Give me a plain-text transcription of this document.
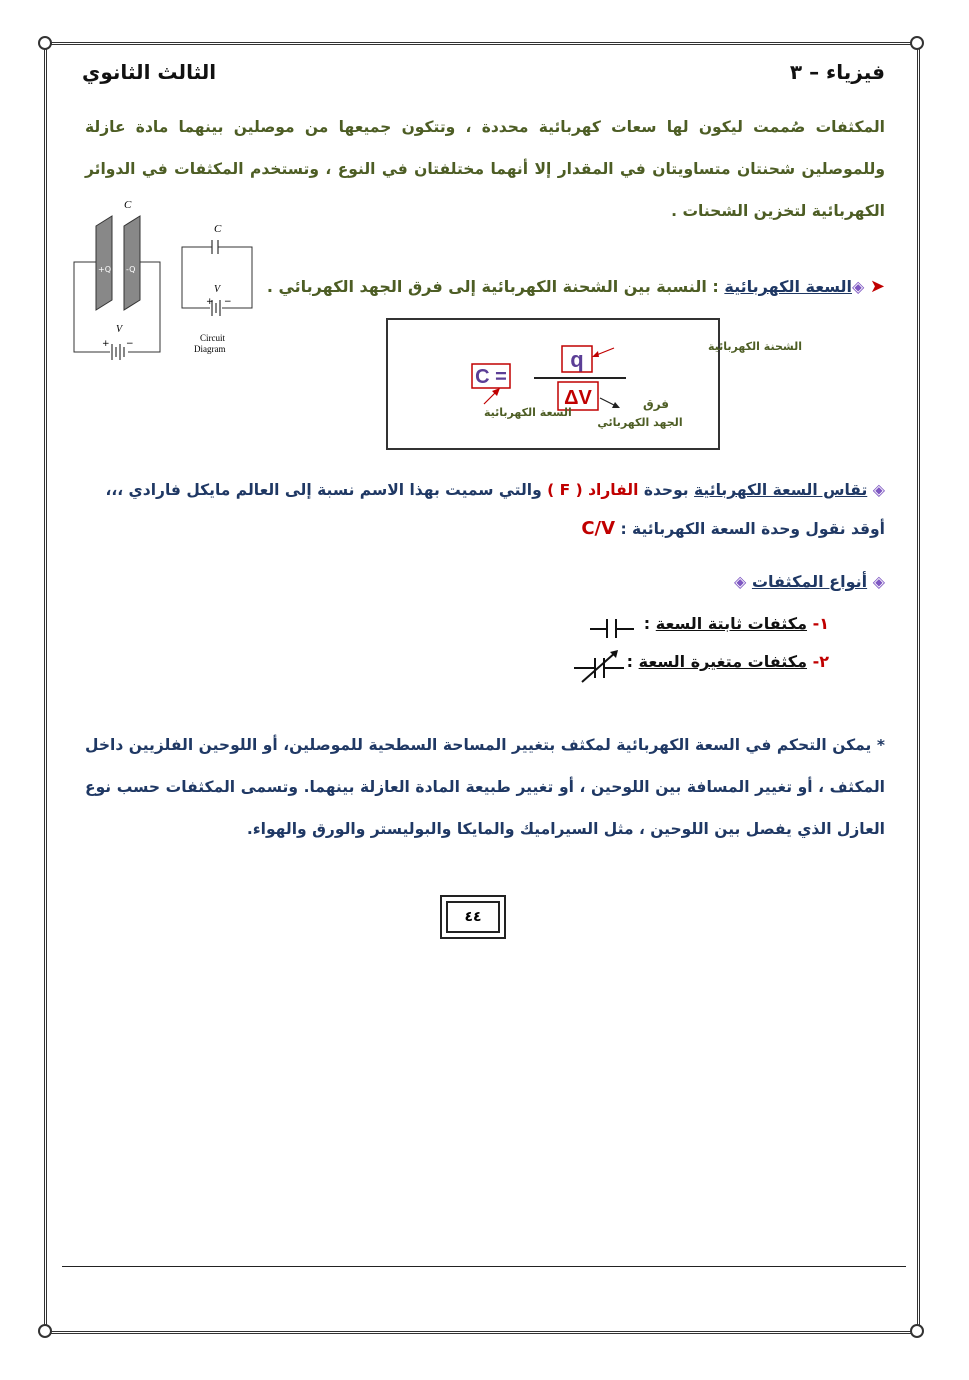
فيزياء – ٣
الثالث الثانوي
المكثفات صُممت ليكون لها سعات كهربائية محددة ، وتتكون جميعها من موصلين بينهما مادة عازلة وللموصلين شحنتان متساويتان في المقدار إلا أنهما مختلفتان في النوع ، وتستخدم المكثفات في الدوائر الكهربائية لتخزين الشحنات .
C
+Q -Q
V
+ −
C
V
+ −
Circuit
Diagram
➤ ◈السعة الكهربائية : النسبة بين الشحنة الكهربائية إلى فرق الجهد الكهربائي .
C =
q
ΔV
الشحنة الكهربائية
السعة الكهربائية
فرق
الجهد الكهربائي
◈ تقاس السعة الكهربائية بوحدة الفاراد ( F ) والتي سميت بهذا الاسم نسبة إلى العالم مايكل فارادي ،،،
أوقد نقول وحدة السعة الكهربائية : C/V
◈ أنواع المكثفات ◈
١- مكثفات ثابتة السعة :
٢- مكثفات متغيرة السعة :
* يمكن التحكم في السعة الكهربائية لمكثف بتغيير المساحة السطحية للموصلين، أو اللوحين الفلزيين داخل المكثف ، أو تغيير المسافة بين اللوحين ، أو تغيير طبيعة المادة العازلة بينهما. وتسمى المكثفات حسب نوع العازل الذي يفصل بين اللوحين ، مثل السيراميك والمايكا والبوليستر والورق والهواء.
٤٤
